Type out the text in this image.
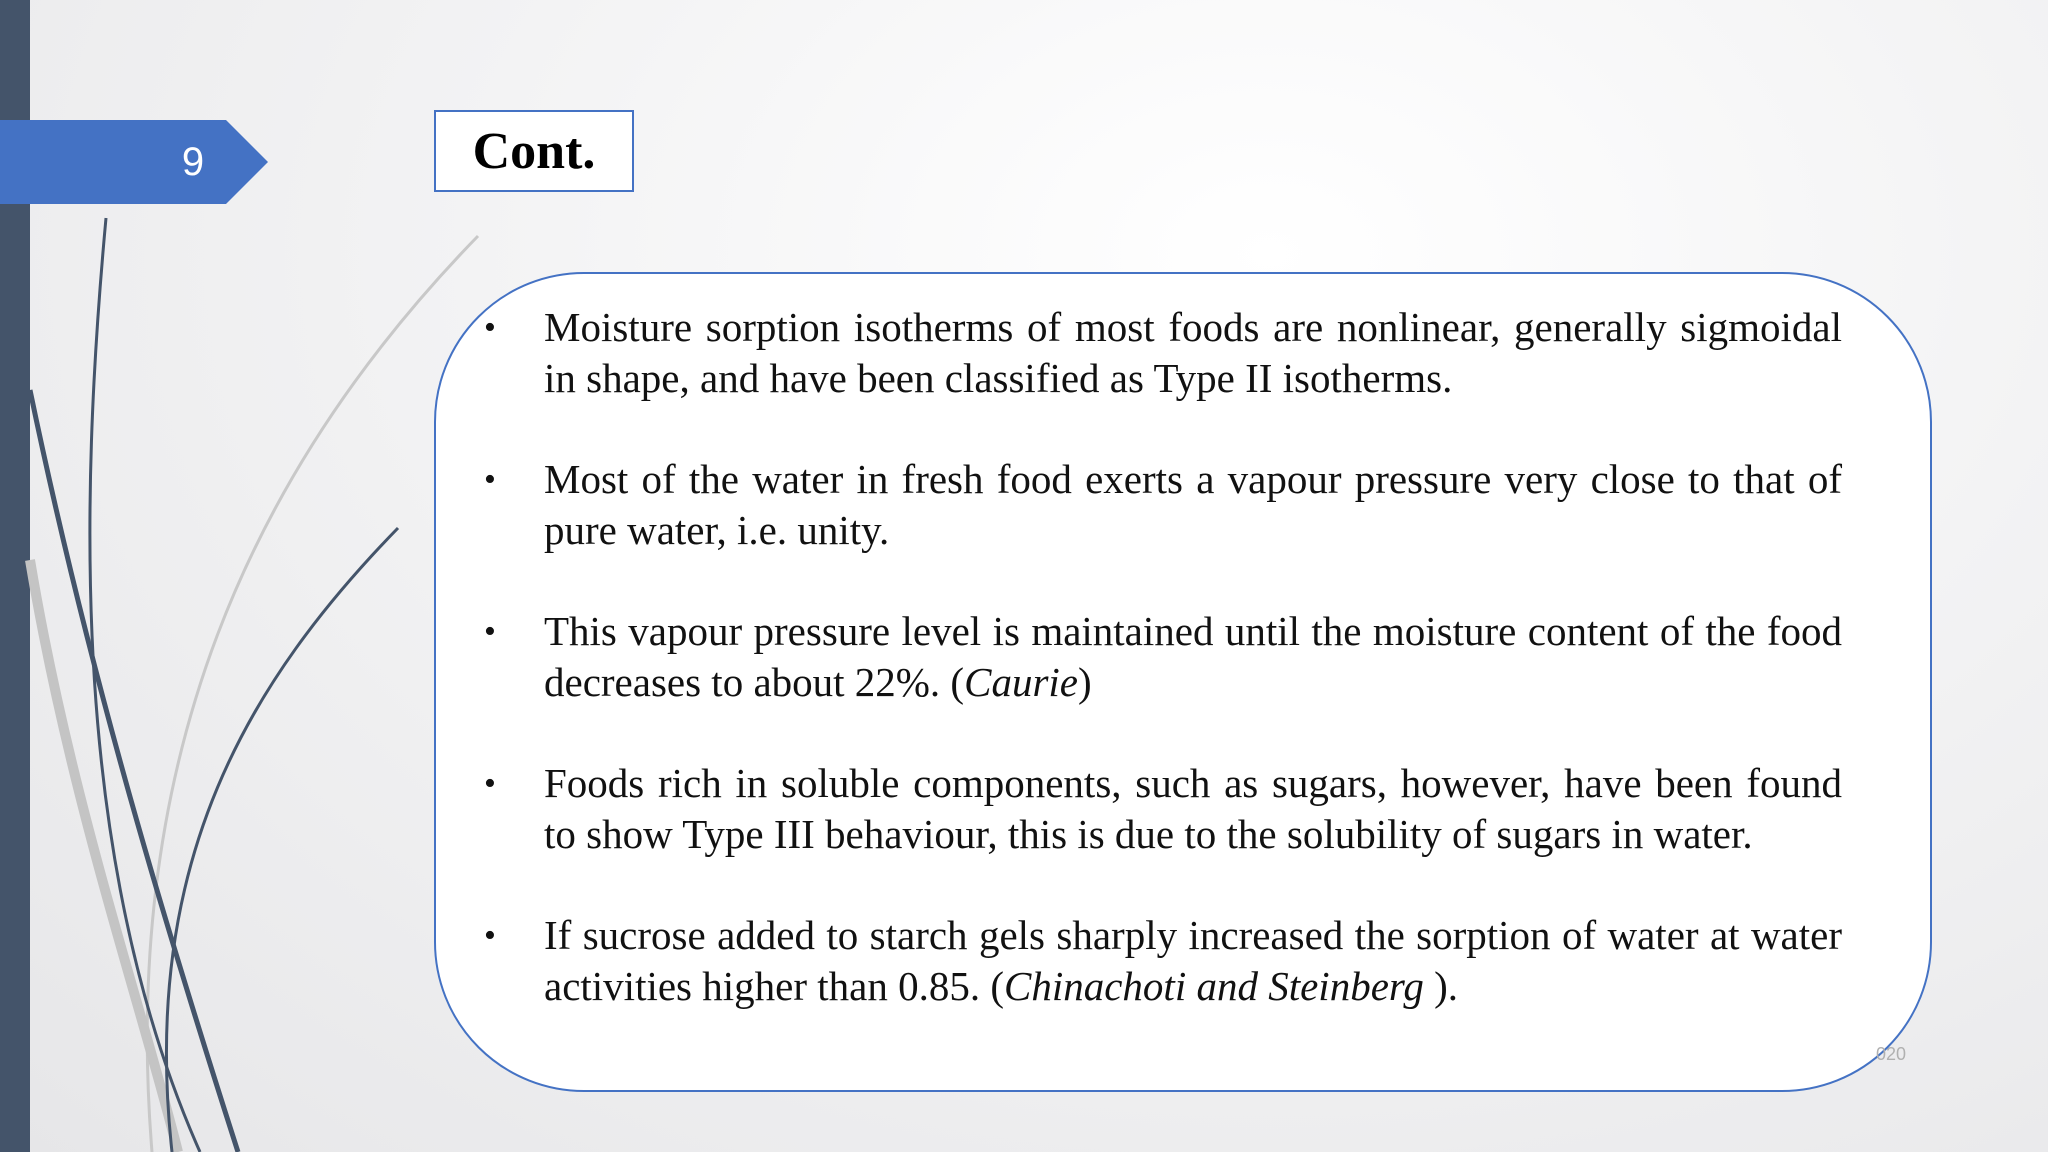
9	Cont.
• Moisture sorption isotherms of most foods are nonlinear, generally sigmoidal in shape, and have been classified as Type II isotherms.
• Most of the water in fresh food exerts a vapour pressure very close to that of pure water, i.e. unity.
• This vapour pressure level is maintained until the moisture content of the food decreases to about 22%. (Caurie)
• Foods rich in soluble components, such as sugars, however, have been found to show Type III behaviour, this is due to the solubility of sugars in water.
• If sucrose added to starch gels sharply increased the sorption of water at water activities higher than 0.85. (Chinachoti and Steinberg ).
020
